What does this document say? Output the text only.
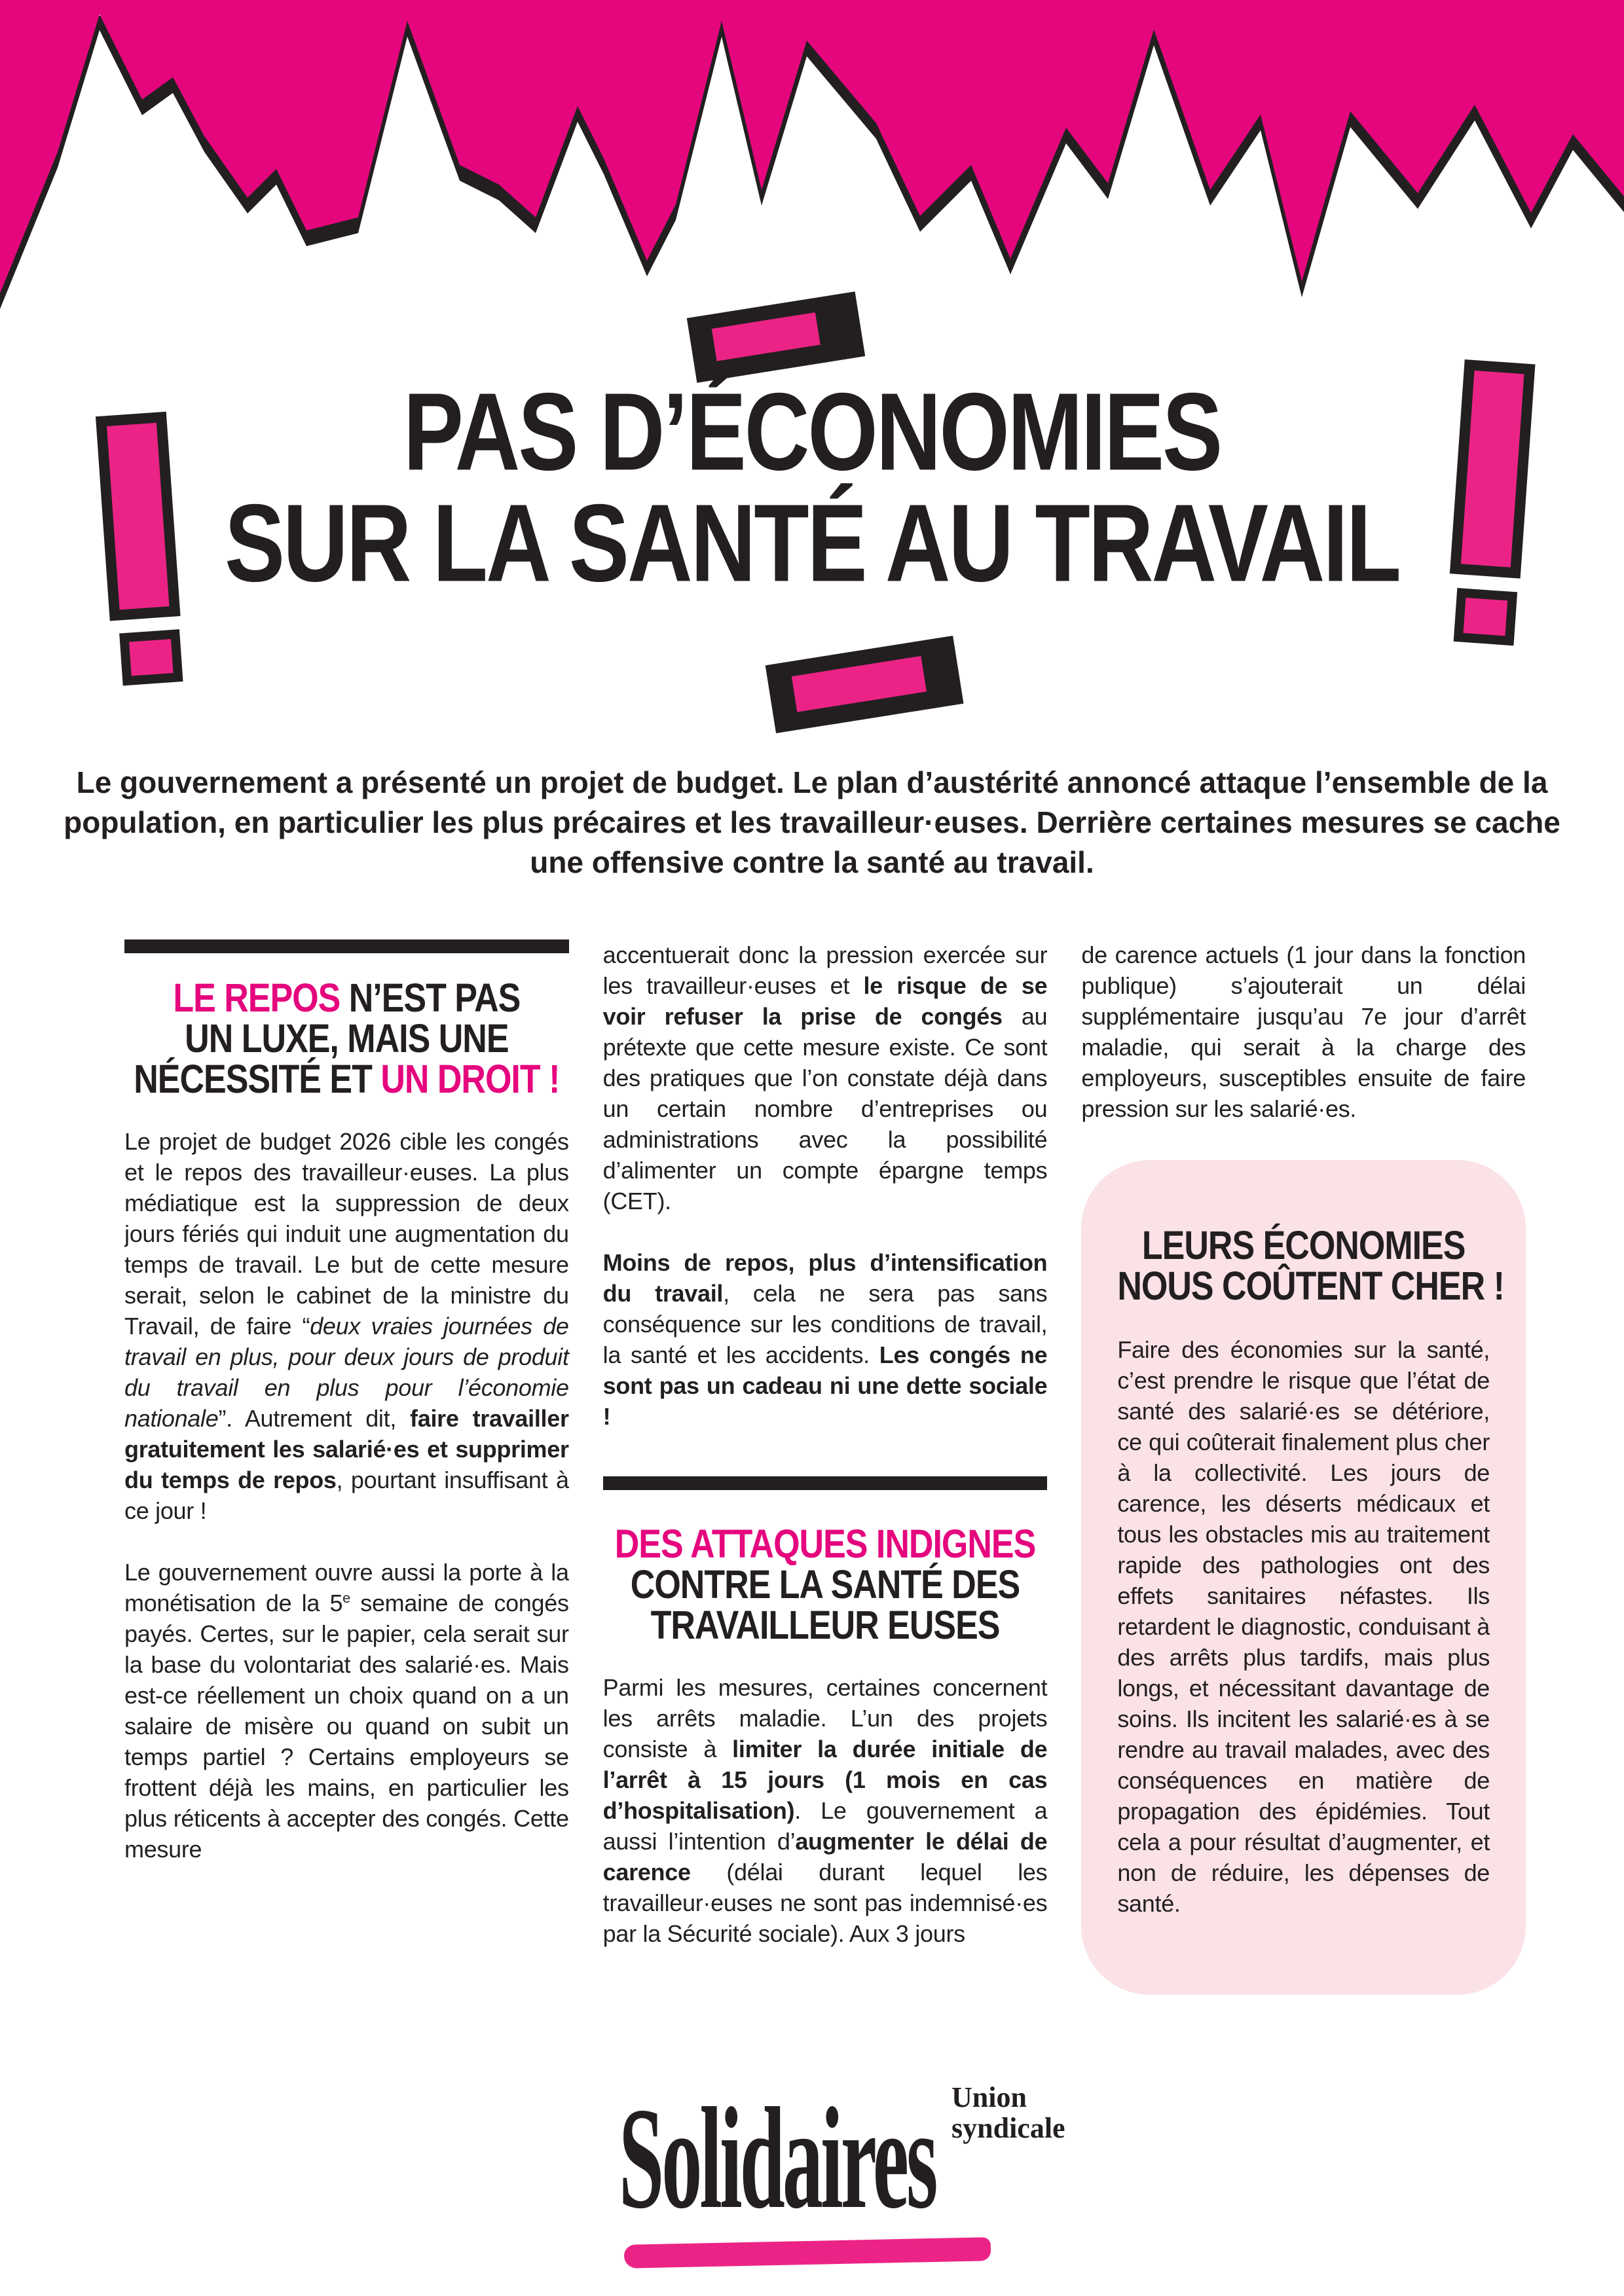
PAS D’ÉCONOMIES
SUR LA SANTÉ AU TRAVAIL
Le gouvernement a présenté un projet de budget. Le plan d’austérité annoncé attaque l’ensemble de la population, en particulier les plus précaires et les travailleur·euses. Derrière certaines mesures se cache une offensive contre la santé au travail.
LE REPOS N’EST PAS
UN LUXE, MAIS UNE
NÉCESSITÉ ET UN DROIT !

Le projet de budget 2026 cible les congés et le repos des travailleur·euses. La plus médiatique est la suppression de deux jours fériés qui induit une augmentation du temps de travail. Le but de cette mesure serait, selon le cabinet de la ministre du Travail, de faire “deux vraies journées de travail en plus, pour deux jours de produit du travail en plus pour l’économie nationale”. Autrement dit, faire travailler gratuitement les salarié·es et supprimer du temps de repos, pourtant insuffisant à ce jour !

Le gouvernement ouvre aussi la porte à la monétisation de la 5e semaine de congés payés. Certes, sur le papier, cela serait sur la base du volontariat des salarié·es. Mais est-ce réellement un choix quand on a un salaire de misère ou quand on subit un temps partiel ? Certains employeurs se frottent déjà les mains, en particulier les plus réticents à accepter des congés. Cette mesure

accentuerait donc la pression exercée sur les travailleur·euses et le risque de se voir refuser la prise de congés au prétexte que cette mesure existe. Ce sont des pratiques que l’on constate déjà dans un certain nombre d’entreprises ou administrations avec la possibilité d’alimenter un compte épargne temps (CET).

Moins de repos, plus d’intensification du travail, cela ne sera pas sans conséquence sur les conditions de travail, la santé et les accidents. Les congés ne sont pas un cadeau ni une dette sociale !

DES ATTAQUES INDIGNES
CONTRE LA SANTÉ DES
TRAVAILLEUR EUSES

Parmi les mesures, certaines concernent les arrêts maladie. L’un des projets consiste à limiter la durée initiale de l’arrêt à 15 jours (1 mois en cas d’hospitalisation). Le gouvernement a aussi l’intention d’augmenter le délai de carence (délai durant lequel les travailleur·euses ne sont pas indemnisé·es par la Sécurité sociale). Aux 3 jours

de carence actuels (1 jour dans la fonction publique) s’ajouterait un délai supplémentaire jusqu’au 7e jour d’arrêt maladie, qui serait à la charge des employeurs, susceptibles ensuite de faire pression sur les salarié·es.

LEURS ÉCONOMIES
NOUS COÛTENT CHER !

Faire des économies sur la santé, c’est prendre le risque que l’état de santé des salarié·es se détériore, ce qui coûterait finalement plus cher à la collectivité. Les jours de carence, les déserts médicaux et tous les obstacles mis au traitement rapide des pathologies ont des effets sanitaires néfastes. Ils retardent le diagnostic, conduisant à des arrêts plus tardifs, mais plus longs, et nécessitant davantage de soins. Ils incitent les salarié·es à se rendre au travail malades, avec des conséquences en matière de propagation des épidémies. Tout cela a pour résultat d’augmenter, et non de réduire, les dépenses de santé.

Union
syndicale
Solidaires
